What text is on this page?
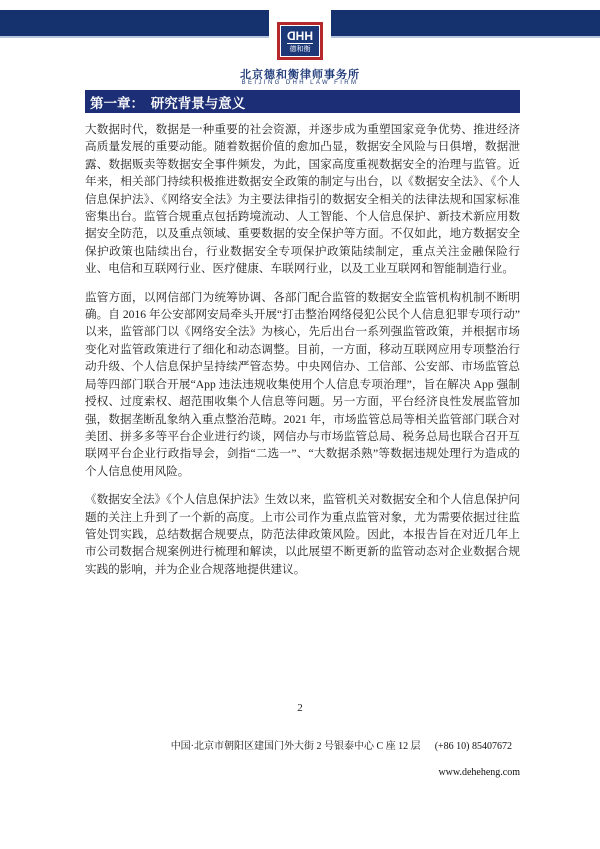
DHH
德和衡
北京德和衡律师事务所
BEIJING DHH LAW FIRM
第一章：　研究背景与意义

大数据时代，数据是一种重要的社会资源，并逐步成为重塑国家竞争优势、推进经济高质量发展的重要动能。随着数据价值的愈加凸显，数据安全风险与日俱增，数据泄露、数据贩卖等数据安全事件频发，为此，国家高度重视数据安全的治理与监管。近年来，相关部门持续积极推进数据安全政策的制定与出台，以《数据安全法》、《个人信息保护法》、《网络安全法》为主要法律指引的数据安全相关的法律法规和国家标准密集出台。监管合规重点包括跨境流动、人工智能、个人信息保护、新技术新应用数据安全防范，以及重点领域、重要数据的安全保护等方面。不仅如此，地方数据安全保护政策也陆续出台，行业数据安全专项保护政策陆续制定，重点关注金融保险行业、电信和互联网行业、医疗健康、车联网行业，以及工业互联网和智能制造行业。

监管方面，以网信部门为统筹协调、各部门配合监管的数据安全监管机构机制不断明确。自 2016 年公安部网安局牵头开展“打击整治网络侵犯公民个人信息犯罪专项行动”以来，监管部门以《网络安全法》为核心，先后出台一系列强监管政策，并根据市场变化对监管政策进行了细化和动态调整。目前，一方面，移动互联网应用专项整治行动升级、个人信息保护呈持续严管态势。中央网信办、工信部、公安部、市场监管总局等四部门联合开展“App 违法违规收集使用个人信息专项治理”，旨在解决 App 强制授权、过度索权、超范围收集个人信息等问题。另一方面，平台经济良性发展监管加强，数据垄断乱象纳入重点整治范畴。2021 年，市场监管总局等相关监管部门联合对美团、拼多多等平台企业进行约谈，网信办与市场监管总局、税务总局也联合召开互联网平台企业行政指导会，剑指“二选一”、“大数据杀熟”等数据违规处理行为造成的个人信息使用风险。

《数据安全法》《个人信息保护法》生效以来，监管机关对数据安全和个人信息保护问题的关注上升到了一个新的高度。上市公司作为重点监管对象，尤为需要依据过往监管处罚实践，总结数据合规要点，防范法律政策风险。因此，本报告旨在对近几年上市公司数据合规案例进行梳理和解读，以此展望不断更新的监管动态对企业数据合规实践的影响，并为企业合规落地提供建议。

2
中国·北京市朝阳区建国门外大街 2 号银泰中心 C 座 12 层 (+86 10) 85407672
www.deheheng.com
